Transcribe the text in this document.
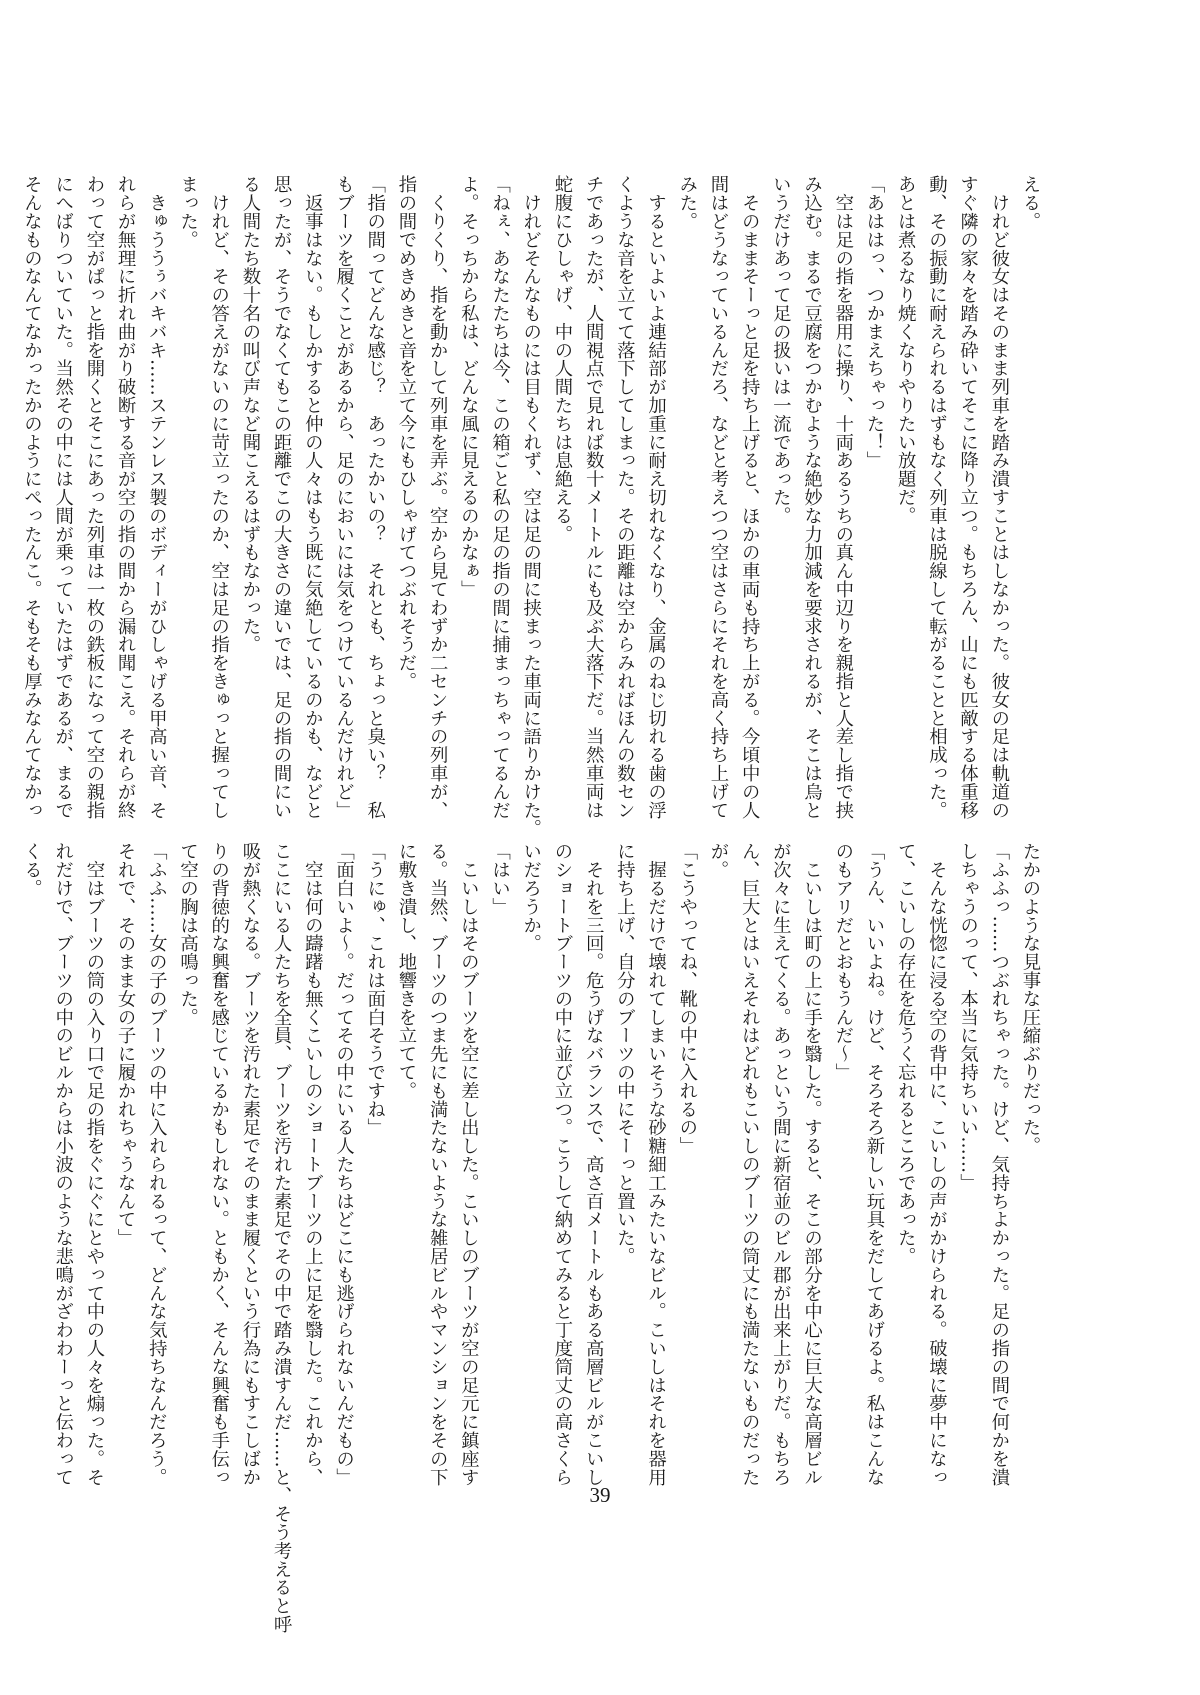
える。
　けれど彼女はそのまま列車を踏み潰すことはしなかった。彼女の足は軌道の
すぐ隣の家々を踏み砕いてそこに降り立つ。もちろん、山にも匹敵する体重移
動、その振動に耐えられるはずもなく列車は脱線して転がることと相成った。
あとは煮るなり焼くなりやりたい放題だ。
「あははっ、つかまえちゃった！」
　空は足の指を器用に操り、十両あるうちの真ん中辺りを親指と人差し指で挟
み込む。まるで豆腐をつかむような絶妙な力加減を要求されるが、そこは烏と
いうだけあって足の扱いは一流であった。
　そのままそーっと足を持ち上げると、ほかの車両も持ち上がる。今頃中の人
間はどうなっているんだろ、などと考えつつ空はさらにそれを高く持ち上げて
みた。
　するといよいよ連結部が加重に耐え切れなくなり、金属のねじ切れる歯の浮
くような音を立てて落下してしまった。その距離は空からみればほんの数セン
チであったが、人間視点で見れば数十メートルにも及ぶ大落下だ。当然車両は
蛇腹にひしゃげ、中の人間たちは息絶える。
　けれどそんなものには目もくれず、空は足の間に挟まった車両に語りかけた。
「ねぇ、あなたたちは今、この箱ごと私の足の指の間に捕まっちゃってるんだ
よ。そっちから私は、どんな風に見えるのかなぁ」
　くりくり、指を動かして列車を弄ぶ。空から見てわずか二センチの列車が、
指の間でめきめきと音を立て今にもひしゃげてつぶれそうだ。
「指の間ってどんな感じ？　あったかいの？　それとも、ちょっと臭い？　私
もブーツを履くことがあるから、足のにおいには気をつけているんだけれど」
　返事はない。もしかすると仲の人々はもう既に気絶しているのかも、などと
思ったが、そうでなくてもこの距離でこの大きさの違いでは、足の指の間にい
る人間たち数十名の叫び声など聞こえるはずもなかった。
　けれど、その答えがないのに苛立ったのか、空は足の指をきゅっと握ってし
まった。
　きゅううぅバキバキ……ステンレス製のボディーがひしゃげる甲高い音、そ
れらが無理に折れ曲がり破断する音が空の指の間から漏れ聞こえ。それらが終
わって空がぱっと指を開くとそこにあった列車は一枚の鉄板になって空の親指
にへばりついていた。当然その中には人間が乗っていたはずであるが、まるで
そんなものなんてなかったかのようにぺったんこ。そもそも厚みなんてなかっ
たかのような見事な圧縮ぶりだった。
「ふふっ……つぶれちゃった。けど、気持ちよかった。足の指の間で何かを潰
しちゃうのって、本当に気持ちいい……」
　そんな恍惚に浸る空の背中に、こいしの声がかけられる。破壊に夢中になっ
て、こいしの存在を危うく忘れるところであった。
「うん、いいよね。けど、そろそろ新しい玩具をだしてあげるよ。私はこんな
のもアリだとおもうんだ～」
　こいしは町の上に手を翳した。すると、そこの部分を中心に巨大な高層ビル
が次々に生えてくる。あっという間に新宿並のビル郡が出来上がりだ。もちろ
ん、巨大とはいえそれはどれもこいしのブーツの筒丈にも満たないものだった
が。
「こうやってね、靴の中に入れるの」
　握るだけで壊れてしまいそうな砂糖細工みたいなビル。こいしはそれを器用
に持ち上げ、自分のブーツの中にそーっと置いた。
　それを三回。危うげなバランスで、高さ百メートルもある高層ビルがこいし
のショートブーツの中に並び立つ。こうして納めてみると丁度筒丈の高さくら
いだろうか。
「はい」
　こいしはそのブーツを空に差し出した。こいしのブーツが空の足元に鎮座す
る。当然、ブーツのつま先にも満たないような雑居ビルやマンションをその下
に敷き潰し、地響きを立てて。
「うにゅ、これは面白そうですね」
「面白いよ～。だってその中にいる人たちはどこにも逃げられないんだもの」
　空は何の躊躇も無くこいしのショートブーツの上に足を翳した。これから、
ここにいる人たちを全員、ブーツを汚れた素足でその中で踏み潰すんだ……と、そう考えると呼
吸が熱くなる。ブーツを汚れた素足でそのまま履くという行為にもすこしばか
りの背徳的な興奮を感じているかもしれない。ともかく、そんな興奮も手伝っ
て空の胸は高鳴った。
「ふふ……女の子のブーツの中に入れられるって、どんな気持ちなんだろう。
それで、そのまま女の子に履かれちゃうなんて」
　空はブーツの筒の入り口で足の指をぐにぐにとやって中の人々を煽った。そ
れだけで、ブーツの中のビルからは小波のような悲鳴がざわわーっと伝わって
くる。
39
